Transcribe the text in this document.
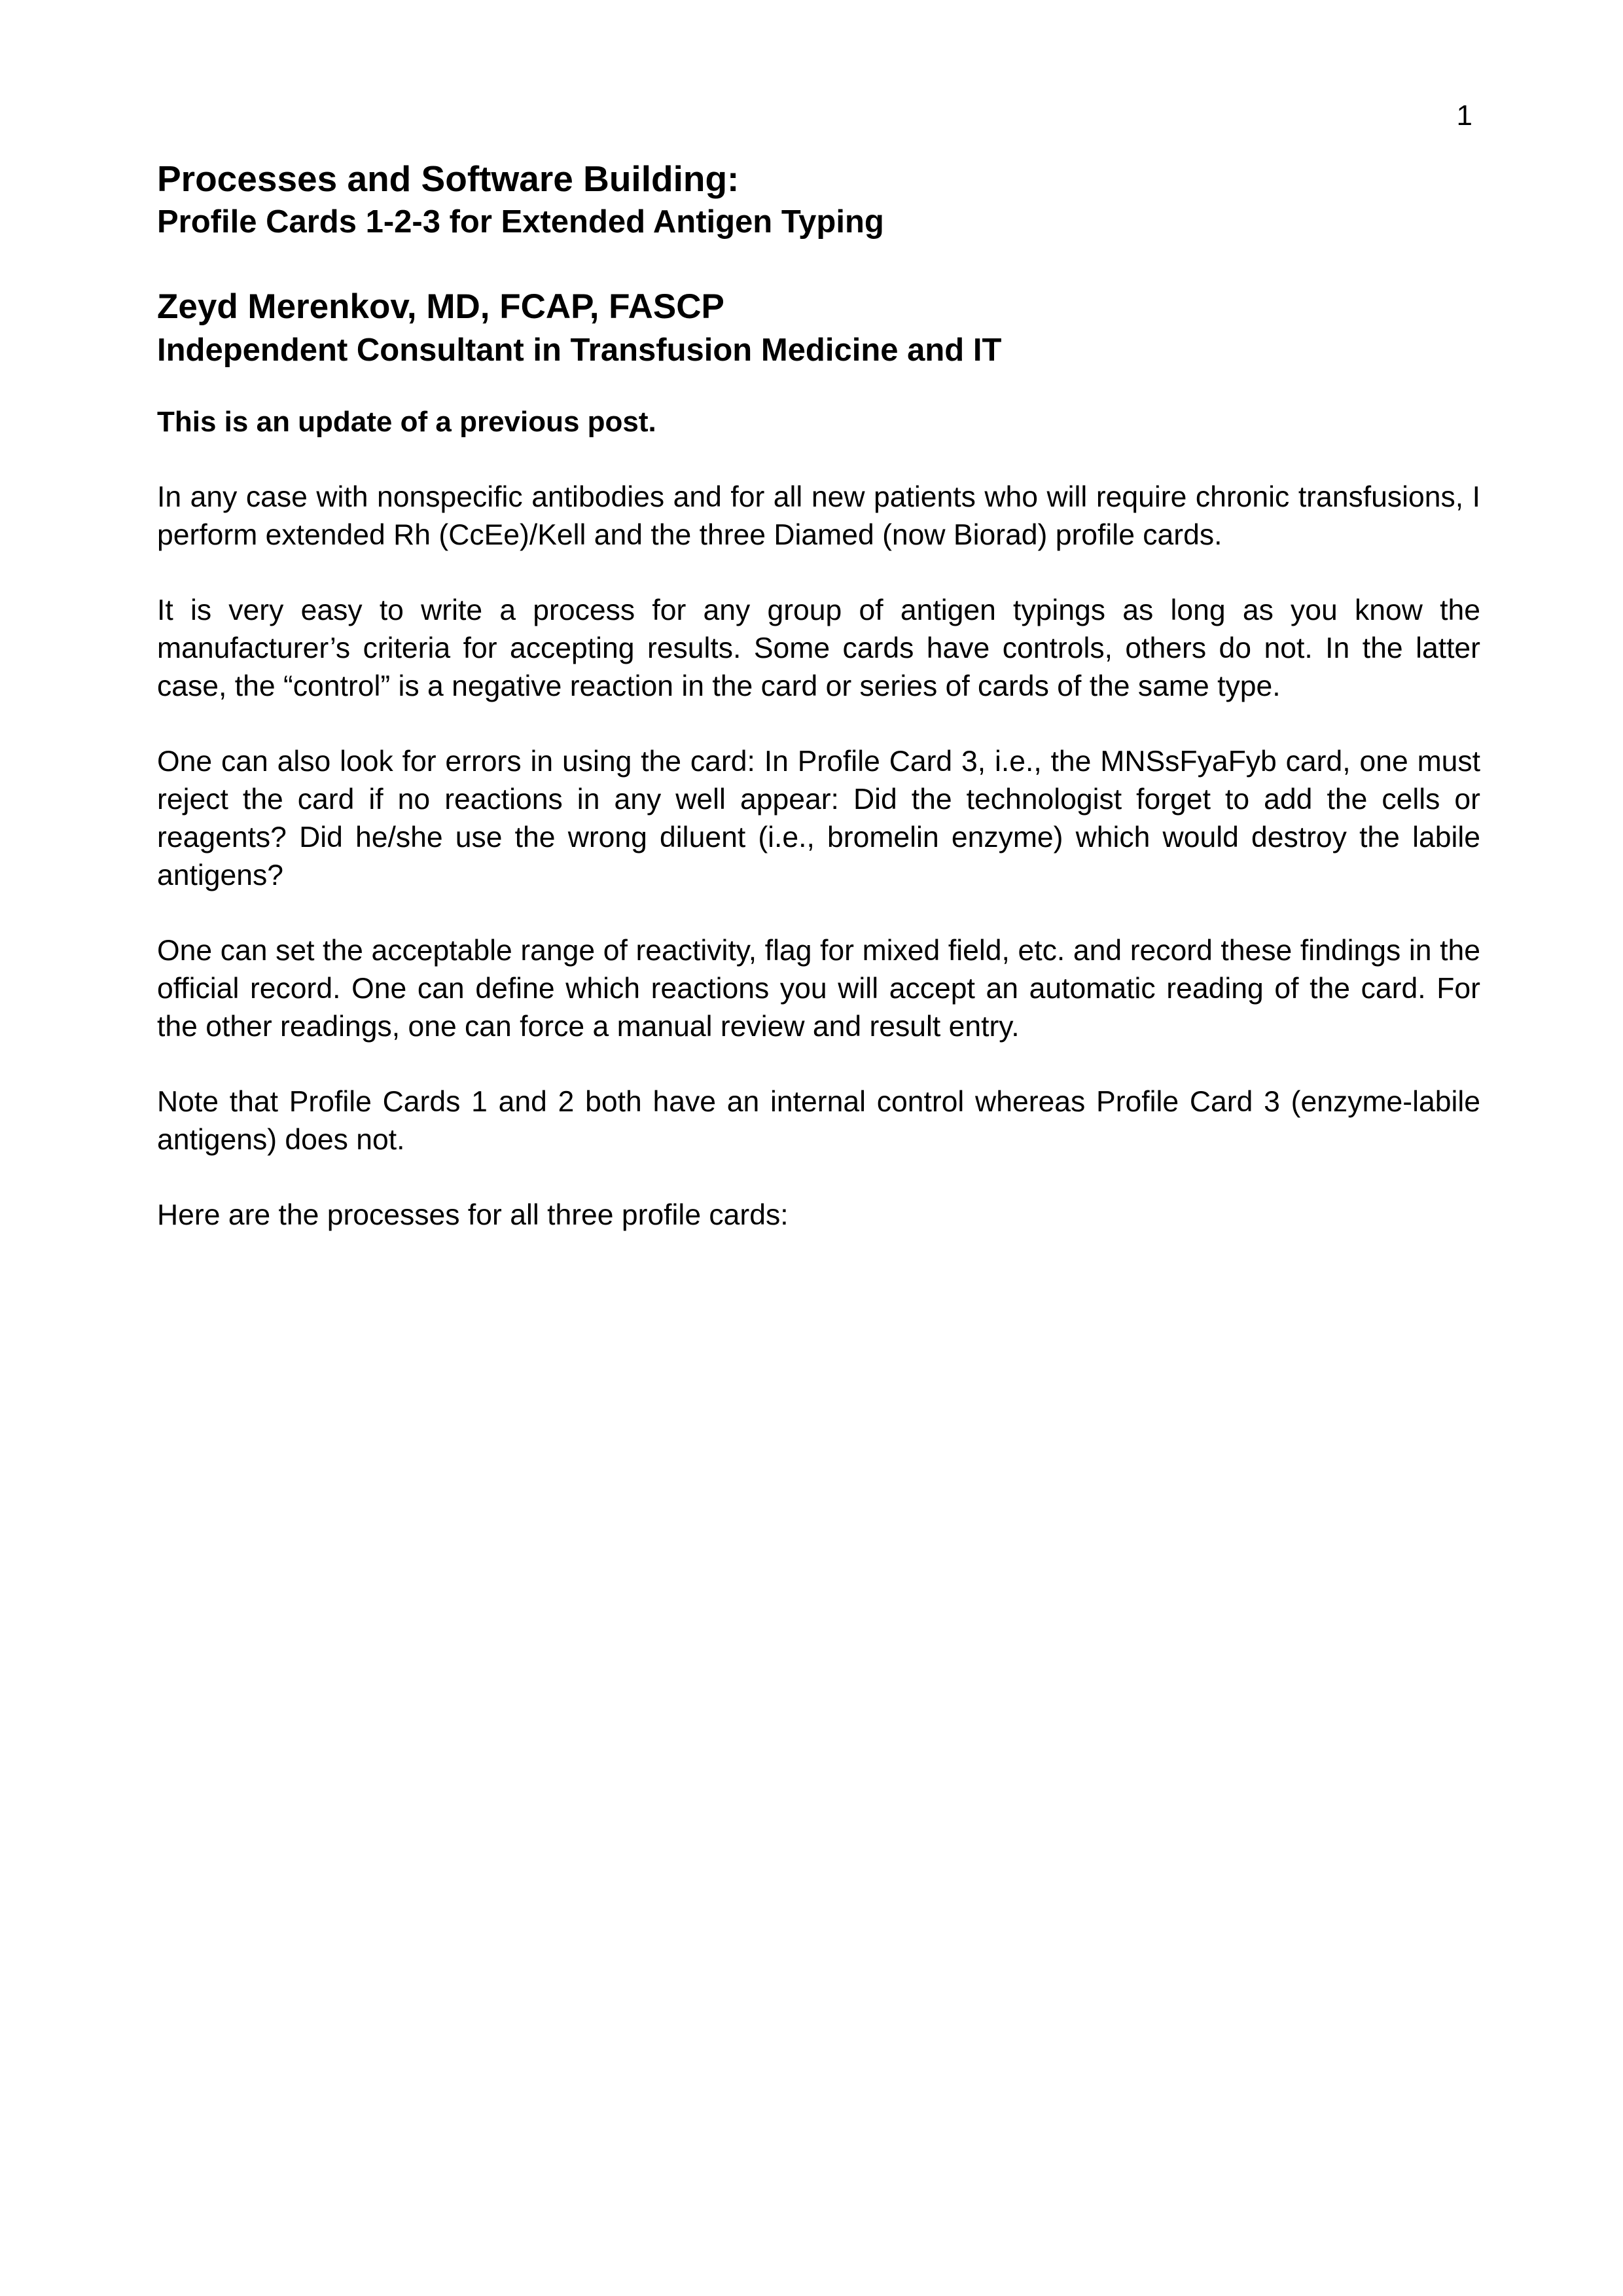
1
Processes and Software Building:
Profile Cards 1-2-3 for Extended Antigen Typing
Zeyd Merenkov, MD, FCAP, FASCP
Independent Consultant in Transfusion Medicine and IT

This is an update of a previous post.

In any case with nonspecific antibodies and for all new patients who will require chronic transfusions, I perform extended Rh (CcEe)/Kell and the three Diamed (now Biorad) profile cards.

It is very easy to write a process for any group of antigen typings as long as you know the manufacturer’s criteria for accepting results. Some cards have controls, others do not. In the latter case, the “control” is a negative reaction in the card or series of cards of the same type.

One can also look for errors in using the card: In Profile Card 3, i.e., the MNSsFyaFyb card, one must reject the card if no reactions in any well appear: Did the technologist forget to add the cells or reagents? Did he/she use the wrong diluent (i.e., bromelin enzyme) which would destroy the labile antigens?

One can set the acceptable range of reactivity, flag for mixed field, etc. and record these findings in the official record. One can define which reactions you will accept an automatic reading of the card. For the other readings, one can force a manual review and result entry.

Note that Profile Cards 1 and 2 both have an internal control whereas Profile Card 3 (enzyme-labile antigens) does not.

Here are the processes for all three profile cards:
